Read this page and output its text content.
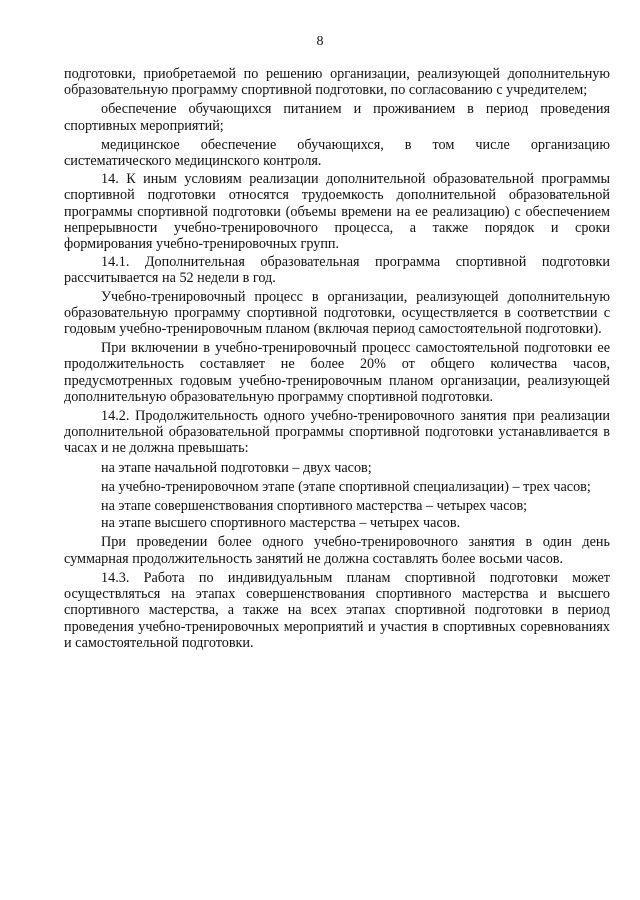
8

подготовки, приобретаемой по решению организации, реализующей дополнительную образовательную программу спортивной подготовки, по согласованию с учредителем;

обеспечение обучающихся питанием и проживанием в период проведения спортивных мероприятий;

медицинское обеспечение обучающихся, в том числе организацию систематического медицинского контроля.

14. К иным условиям реализации дополнительной образовательной программы спортивной подготовки относятся трудоемкость дополнительной образовательной программы спортивной подготовки (объемы времени на ее реализацию) с обеспечением непрерывности учебно-тренировочного процесса, а также порядок и сроки формирования учебно-тренировочных групп.

14.1. Дополнительная образовательная программа спортивной подготовки рассчитывается на 52 недели в год.

Учебно-тренировочный процесс в организации, реализующей дополнительную образовательную программу спортивной подготовки, осуществляется в соответствии с годовым учебно-тренировочным планом (включая период самостоятельной подготовки).

При включении в учебно-тренировочный процесс самостоятельной подготовки ее продолжительность составляет не более 20% от общего количества часов, предусмотренных годовым учебно-тренировочным планом организации, реализующей дополнительную образовательную программу спортивной подготовки.

14.2. Продолжительность одного учебно-тренировочного занятия при реализации дополнительной образовательной программы спортивной подготовки устанавливается в часах и не должна превышать:

на этапе начальной подготовки – двух часов;

на учебно-тренировочном этапе (этапе спортивной специализации) – трех часов;

на этапе совершенствования спортивного мастерства – четырех часов;

на этапе высшего спортивного мастерства – четырех часов.

При проведении более одного учебно-тренировочного занятия в один день суммарная продолжительность занятий не должна составлять более восьми часов.

14.3. Работа по индивидуальным планам спортивной подготовки может осуществляться на этапах совершенствования спортивного мастерства и высшего спортивного мастерства, а также на всех этапах спортивной подготовки в период проведения учебно-тренировочных мероприятий и участия в спортивных соревнованиях и самостоятельной подготовки.
